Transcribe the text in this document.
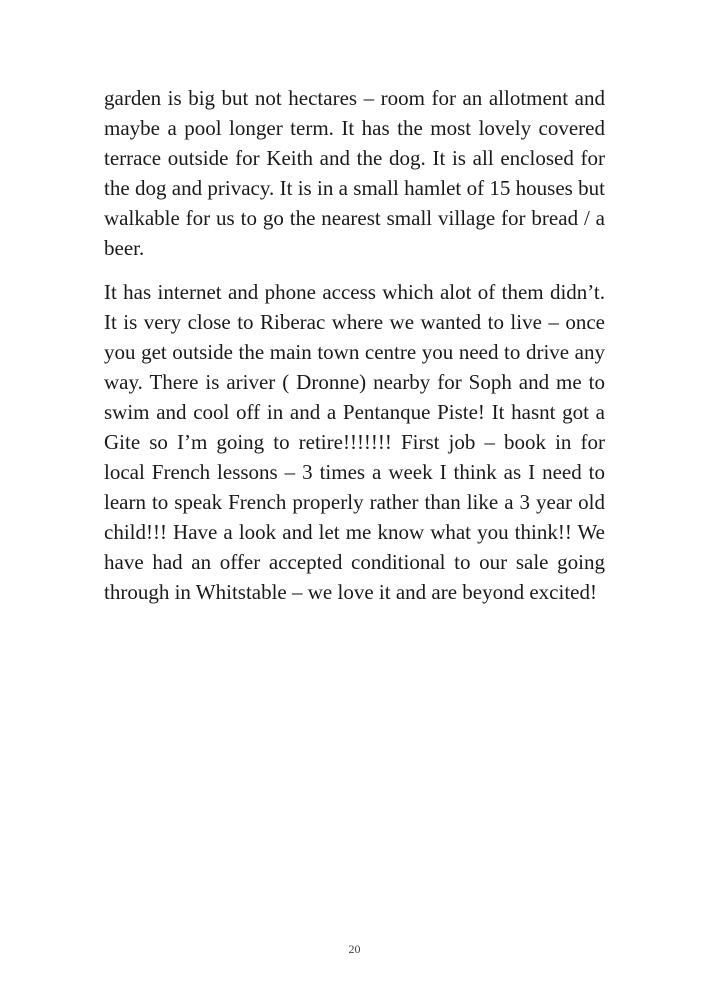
garden is big but not hectares – room for an allotment and maybe a pool longer term. It has the most lovely covered terrace outside for Keith and the dog. It is all enclosed for the dog and privacy. It is in a small hamlet of 15 houses but walkable for us to go the nearest small village for bread / a beer.

It has internet and phone access which alot of them didn’t. It is very close to Riberac where we wanted to live – once you get outside the main town centre you need to drive any way. There is ariver ( Dronne) nearby for Soph and me to swim and cool off in and a Pentanque Piste! It hasnt got a Gite so I’m going to retire!!!!!!! First job – book in for local French lessons – 3 times a week I think as I need to learn to speak French properly rather than like a 3 year old child!!! Have a look and let me know what you think!! We have had an offer accepted conditional to our sale going through in Whitstable – we love it and are beyond excited!

20
